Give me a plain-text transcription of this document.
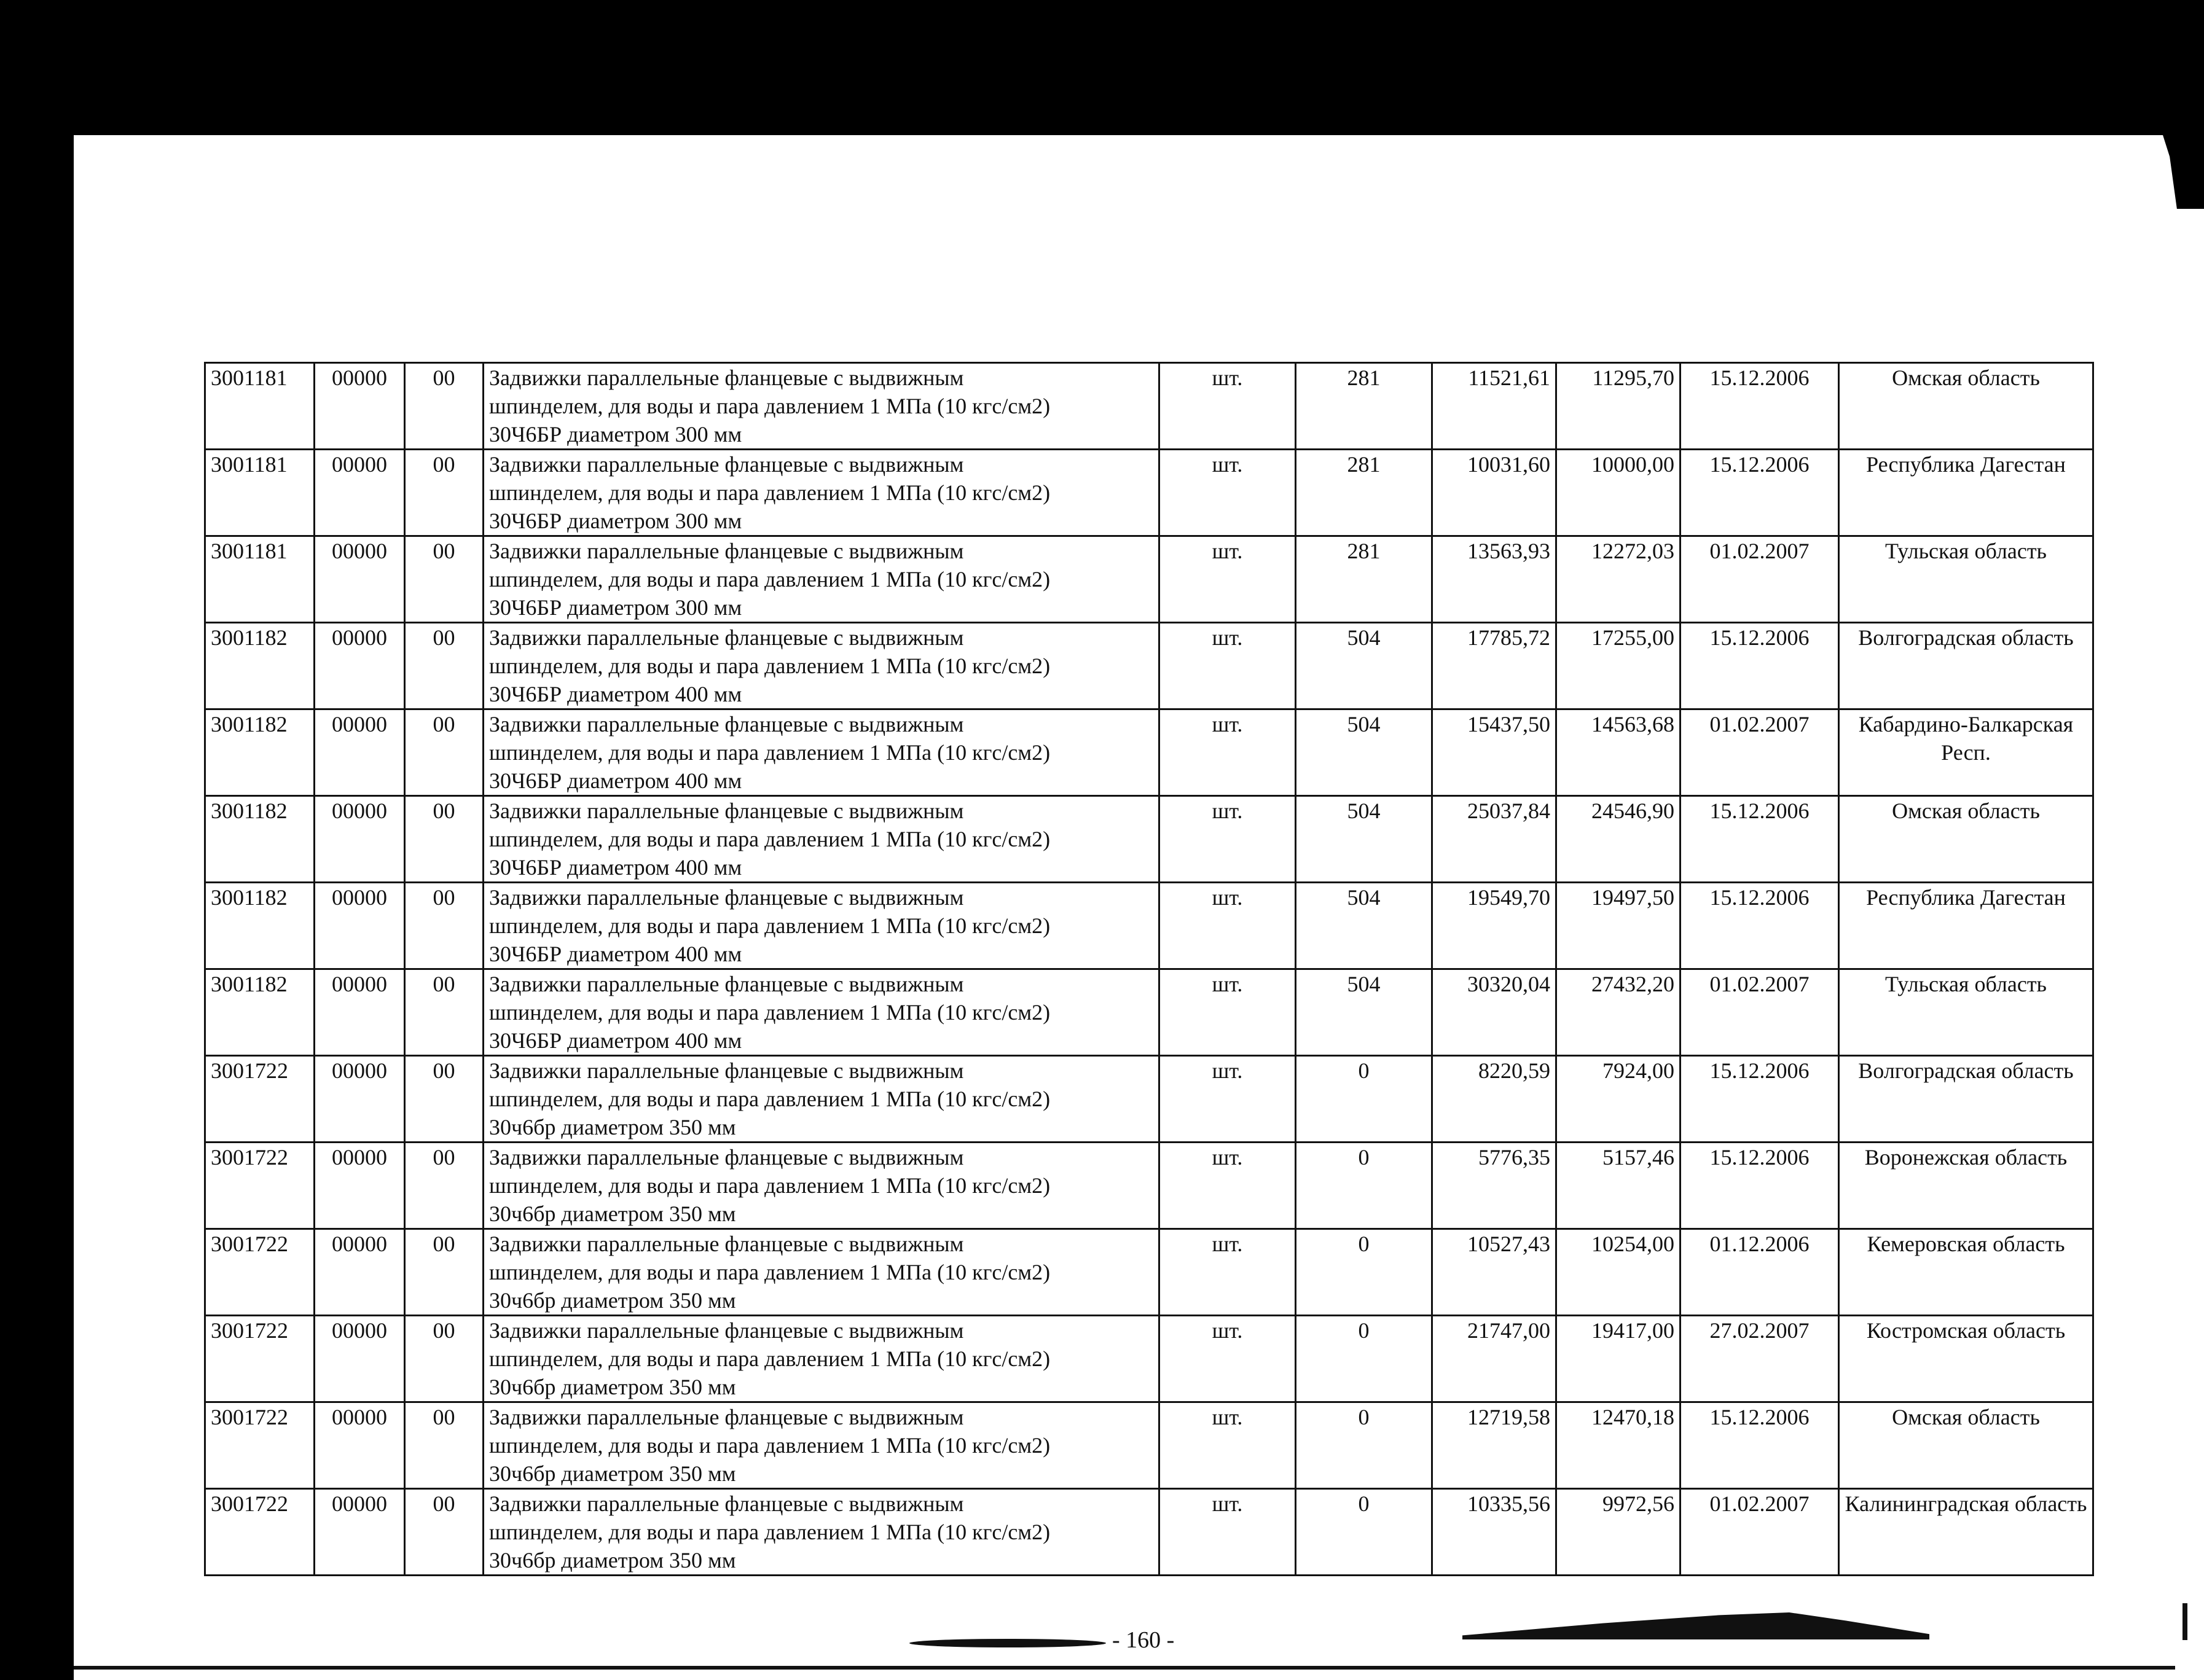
3001181	00000	00	Задвижки параллельные фланцевые с выдвижным
шпинделем, для воды и пара давлением 1 МПа (10 кгс/см2)
30Ч6БР диаметром 300 мм	шт.	281	11521,61	11295,70	15.12.2006	Омская область
3001181	00000	00	Задвижки параллельные фланцевые с выдвижным
шпинделем, для воды и пара давлением 1 МПа (10 кгс/см2)
30Ч6БР диаметром 300 мм	шт.	281	10031,60	10000,00	15.12.2006	Республика Дагестан
3001181	00000	00	Задвижки параллельные фланцевые с выдвижным
шпинделем, для воды и пара давлением 1 МПа (10 кгс/см2)
30Ч6БР диаметром 300 мм	шт.	281	13563,93	12272,03	01.02.2007	Тульская область
3001182	00000	00	Задвижки параллельные фланцевые с выдвижным
шпинделем, для воды и пара давлением 1 МПа (10 кгс/см2)
30Ч6БР диаметром 400 мм	шт.	504	17785,72	17255,00	15.12.2006	Волгоградская область
3001182	00000	00	Задвижки параллельные фланцевые с выдвижным
шпинделем, для воды и пара давлением 1 МПа (10 кгс/см2)
30Ч6БР диаметром 400 мм	шт.	504	15437,50	14563,68	01.02.2007	Кабардино-Балкарская Респ.
3001182	00000	00	Задвижки параллельные фланцевые с выдвижным
шпинделем, для воды и пара давлением 1 МПа (10 кгс/см2)
30Ч6БР диаметром 400 мм	шт.	504	25037,84	24546,90	15.12.2006	Омская область
3001182	00000	00	Задвижки параллельные фланцевые с выдвижным
шпинделем, для воды и пара давлением 1 МПа (10 кгс/см2)
30Ч6БР диаметром 400 мм	шт.	504	19549,70	19497,50	15.12.2006	Республика Дагестан
3001182	00000	00	Задвижки параллельные фланцевые с выдвижным
шпинделем, для воды и пара давлением 1 МПа (10 кгс/см2)
30Ч6БР диаметром 400 мм	шт.	504	30320,04	27432,20	01.02.2007	Тульская область
3001722	00000	00	Задвижки параллельные фланцевые с выдвижным
шпинделем, для воды и пара давлением 1 МПа (10 кгс/см2)
30ч6бр диаметром 350 мм	шт.	0	8220,59	7924,00	15.12.2006	Волгоградская область
3001722	00000	00	Задвижки параллельные фланцевые с выдвижным
шпинделем, для воды и пара давлением 1 МПа (10 кгс/см2)
30ч6бр диаметром 350 мм	шт.	0	5776,35	5157,46	15.12.2006	Воронежская область
3001722	00000	00	Задвижки параллельные фланцевые с выдвижным
шпинделем, для воды и пара давлением 1 МПа (10 кгс/см2)
30ч6бр диаметром 350 мм	шт.	0	10527,43	10254,00	01.12.2006	Кемеровская область
3001722	00000	00	Задвижки параллельные фланцевые с выдвижным
шпинделем, для воды и пара давлением 1 МПа (10 кгс/см2)
30ч6бр диаметром 350 мм	шт.	0	21747,00	19417,00	27.02.2007	Костромская область
3001722	00000	00	Задвижки параллельные фланцевые с выдвижным
шпинделем, для воды и пара давлением 1 МПа (10 кгс/см2)
30ч6бр диаметром 350 мм	шт.	0	12719,58	12470,18	15.12.2006	Омская область
3001722	00000	00	Задвижки параллельные фланцевые с выдвижным
шпинделем, для воды и пара давлением 1 МПа (10 кгс/см2)
30ч6бр диаметром 350 мм	шт.	0	10335,56	9972,56	01.02.2007	Калининградская область
- 160 -
